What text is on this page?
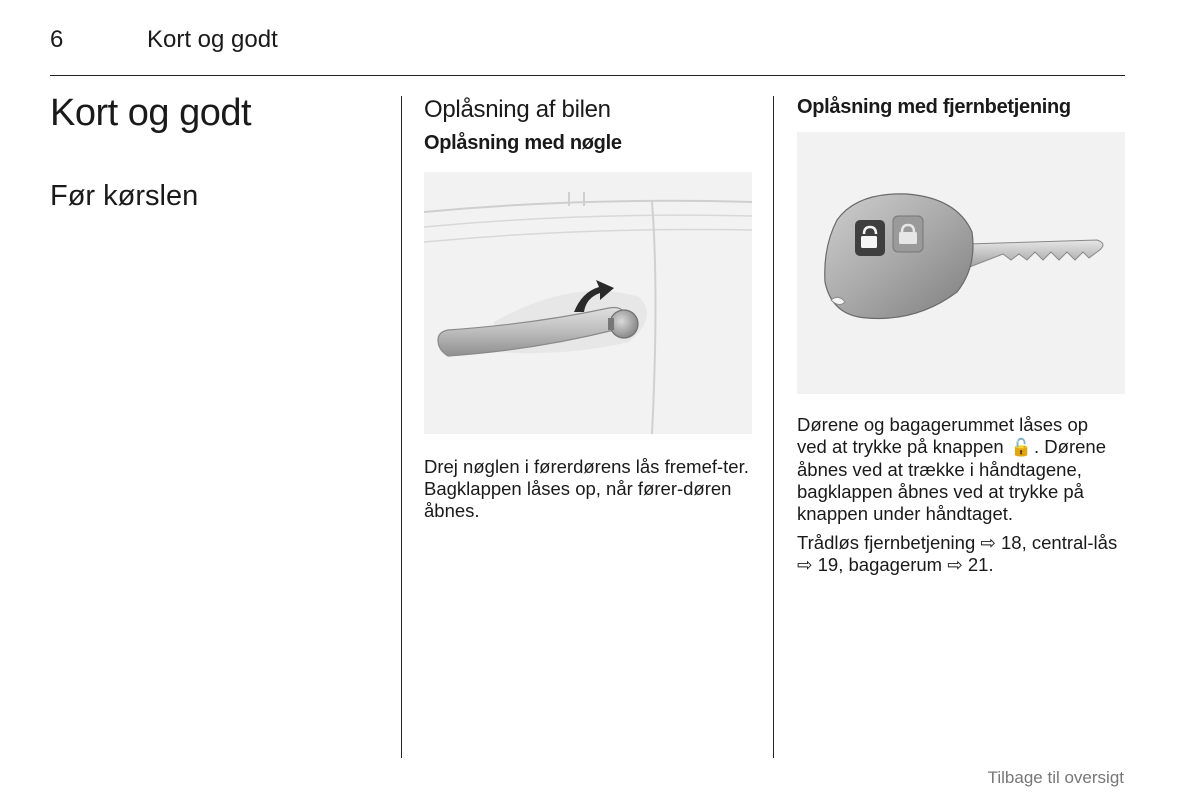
6	Kort og godt
Kort og godt
Før kørslen
Oplåsning af bilen
Oplåsning med nøgle
Drej nøglen i førerdørens lås fremef-ter. Bagklappen låses op, når fører-døren åbnes.
Oplåsning med fjernbetjening

Dørene og bagagerummet låses op ved at trykke på knappen 🔓 . Dørene åbnes ved at trække i håndtagene, bagklappen åbnes ved at trykke på knappen under håndtaget.

Trådløs fjernbetjening ⇨ 18, central-lås ⇨ 19, bagagerum ⇨ 21.

Tilbage til oversigt
